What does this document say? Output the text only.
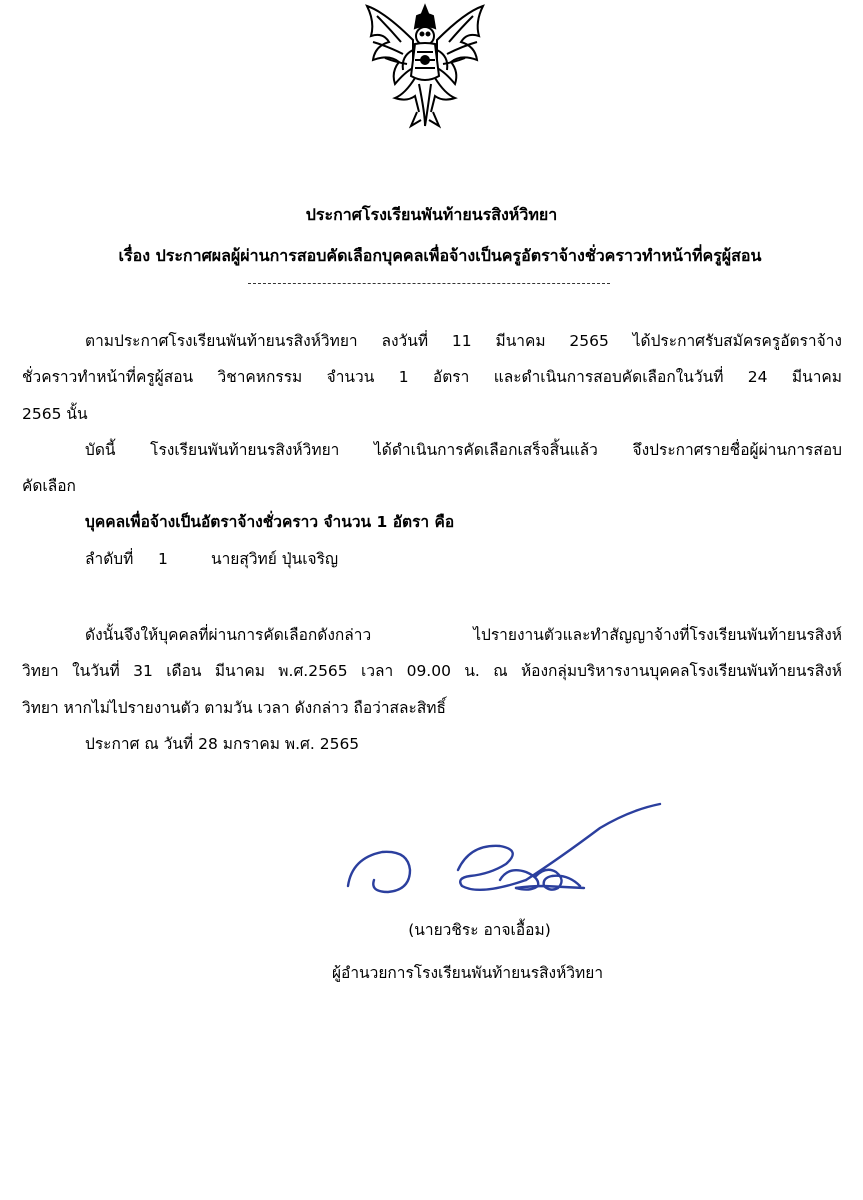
ประกาศโรงเรียนพันท้ายนรสิงห์วิทยา
เรื่อง ประกาศผลผู้ผ่านการสอบคัดเลือกบุคคลเพื่อจ้างเป็นครูอัตราจ้างชั่วคราวทำหน้าที่ครูผู้สอน
ตามประกาศโรงเรียนพันท้ายนรสิงห์วิทยา ลงวันที่ 11 มีนาคม 2565 ได้ประกาศรับสมัครครูอัตราจ้าง
ชั่วคราวทำหน้าที่ครูผู้สอน วิชาคหกรรม จำนวน 1 อัตรา และดำเนินการสอบคัดเลือกในวันที่ 24 มีนาคม
2565 นั้น
บัดนี้ โรงเรียนพันท้ายนรสิงห์วิทยา ได้ดำเนินการคัดเลือกเสร็จสิ้นแล้ว จึงประกาศรายชื่อผู้ผ่านการสอบ
คัดเลือก
บุคคลเพื่อจ้างเป็นอัตราจ้างชั่วคราว จำนวน 1 อัตรา คือ
ลำดับที่ 1	นายสุวิทย์ ปุ่นเจริญ
ดังนั้นจึงให้บุคคลที่ผ่านการคัดเลือกดังกล่าว ไปรายงานตัวและทำสัญญาจ้างที่โรงเรียนพันท้ายนรสิงห์
วิทยา ในวันที่ 31 เดือน มีนาคม พ.ศ.2565 เวลา 09.00 น. ณ ห้องกลุ่มบริหารงานบุคคลโรงเรียนพันท้ายนรสิงห์
วิทยา หากไม่ไปรายงานตัว ตามวัน เวลา ดังกล่าว ถือว่าสละสิทธิ์
ประกาศ ณ วันที่ 28 มกราคม พ.ศ. 2565
(นายวชิระ อาจเอื้อม)
ผู้อำนวยการโรงเรียนพันท้ายนรสิงห์วิทยา
